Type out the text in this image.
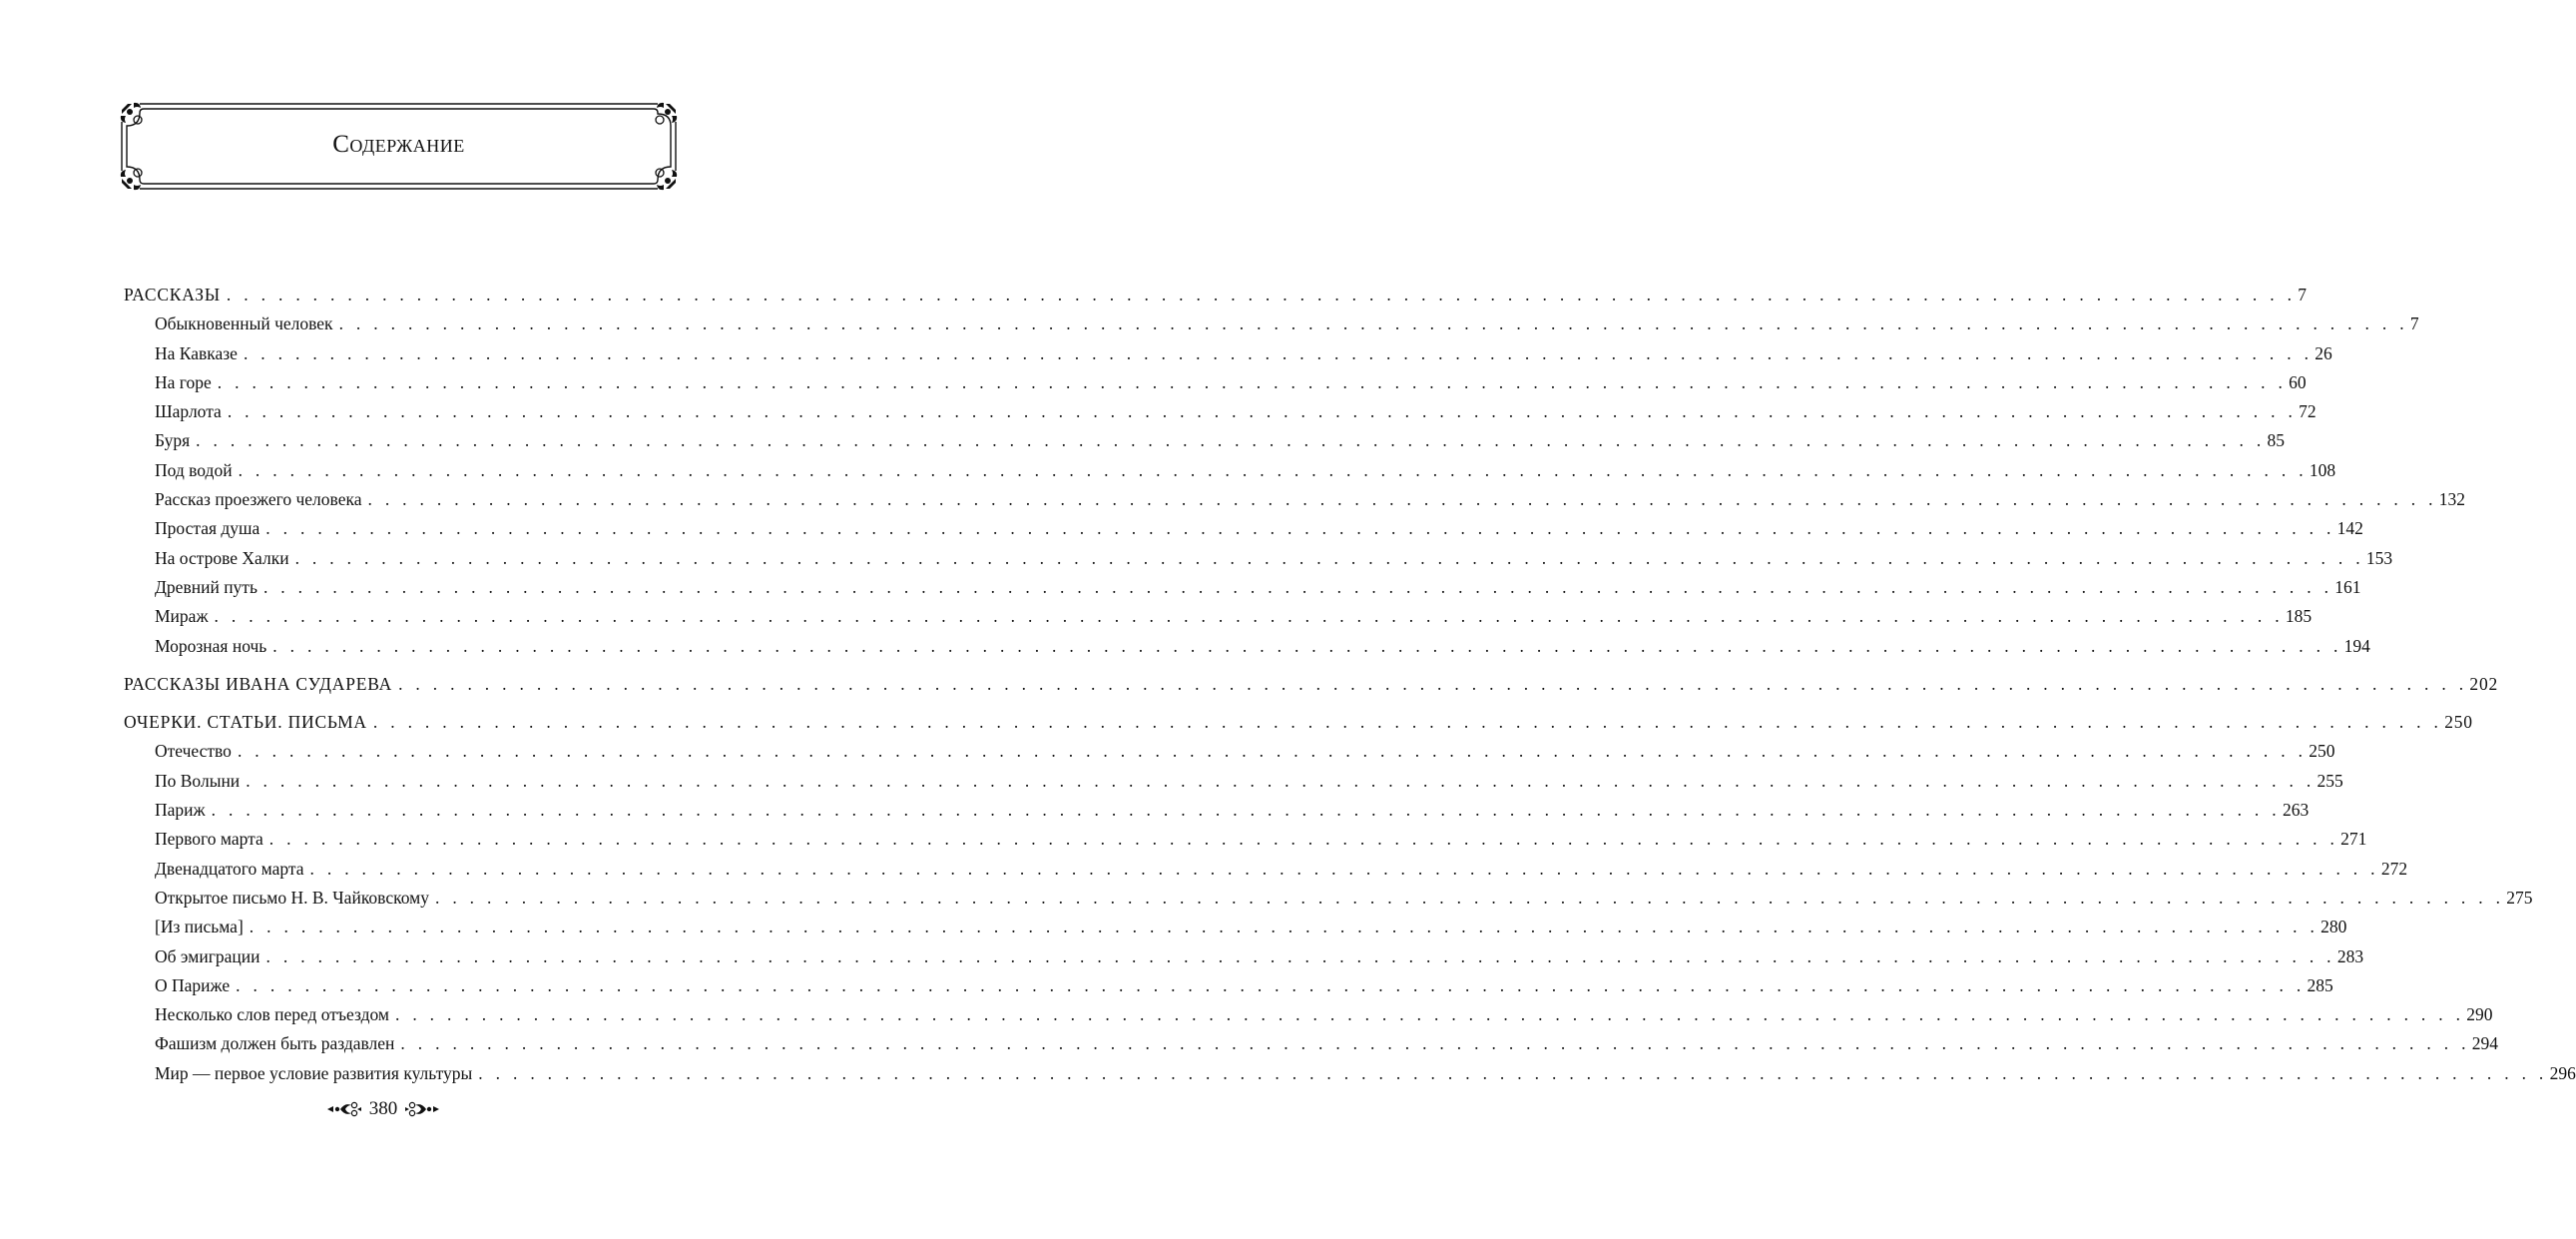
Содержание
РАССКАЗЫ . . . . . . . . . . . . . . . . . . . . . . . . . . . . . . . . . . . . . . . . . . . . . . . . . . . . . . . . . . . . . . . . . . . . . . . . . . . . . . . . . . . . . . . . . . . . . . . . . . . . . . . . . . . . . . . . . . . . . . . . 7
Обыкновенный человек . . . . . . . . . . . . . . . . . . . . . . . . . . . . . . . . . . . . . . . . . . . . . . . . . . . . . . . . . . . . . . . . . . . . . . . . . . . . . . . . . . . . . . . . . . . . . . . . . . . . . . . . . . . . . . . . . . . . . . . . 7
На Кавказе . . . . . . . . . . . . . . . . . . . . . . . . . . . . . . . . . . . . . . . . . . . . . . . . . . . . . . . . . . . . . . . . . . . . . . . . . . . . . . . . . . . . . . . . . . . . . . . . . . . . . . . . . . . . . . . . . . . . . . . . 26
На горе . . . . . . . . . . . . . . . . . . . . . . . . . . . . . . . . . . . . . . . . . . . . . . . . . . . . . . . . . . . . . . . . . . . . . . . . . . . . . . . . . . . . . . . . . . . . . . . . . . . . . . . . . . . . . . . . . . . . . . . . 60
Шарлота . . . . . . . . . . . . . . . . . . . . . . . . . . . . . . . . . . . . . . . . . . . . . . . . . . . . . . . . . . . . . . . . . . . . . . . . . . . . . . . . . . . . . . . . . . . . . . . . . . . . . . . . . . . . . . . . . . . . . . . . 72
Буря . . . . . . . . . . . . . . . . . . . . . . . . . . . . . . . . . . . . . . . . . . . . . . . . . . . . . . . . . . . . . . . . . . . . . . . . . . . . . . . . . . . . . . . . . . . . . . . . . . . . . . . . . . . . . . . . . . . . . . . . 85
Под водой . . . . . . . . . . . . . . . . . . . . . . . . . . . . . . . . . . . . . . . . . . . . . . . . . . . . . . . . . . . . . . . . . . . . . . . . . . . . . . . . . . . . . . . . . . . . . . . . . . . . . . . . . . . . . . . . . . . . . . . . 108
Рассказ проезжего человека . . . . . . . . . . . . . . . . . . . . . . . . . . . . . . . . . . . . . . . . . . . . . . . . . . . . . . . . . . . . . . . . . . . . . . . . . . . . . . . . . . . . . . . . . . . . . . . . . . . . . . . . . . . . . . . . . . . . . . . . 132
Простая душа . . . . . . . . . . . . . . . . . . . . . . . . . . . . . . . . . . . . . . . . . . . . . . . . . . . . . . . . . . . . . . . . . . . . . . . . . . . . . . . . . . . . . . . . . . . . . . . . . . . . . . . . . . . . . . . . . . . . . . . . 142
На острове Халки . . . . . . . . . . . . . . . . . . . . . . . . . . . . . . . . . . . . . . . . . . . . . . . . . . . . . . . . . . . . . . . . . . . . . . . . . . . . . . . . . . . . . . . . . . . . . . . . . . . . . . . . . . . . . . . . . . . . . . . . 153
Древний путь . . . . . . . . . . . . . . . . . . . . . . . . . . . . . . . . . . . . . . . . . . . . . . . . . . . . . . . . . . . . . . . . . . . . . . . . . . . . . . . . . . . . . . . . . . . . . . . . . . . . . . . . . . . . . . . . . . . . . . . . 161
Мираж . . . . . . . . . . . . . . . . . . . . . . . . . . . . . . . . . . . . . . . . . . . . . . . . . . . . . . . . . . . . . . . . . . . . . . . . . . . . . . . . . . . . . . . . . . . . . . . . . . . . . . . . . . . . . . . . . . . . . . . . 185
Морозная ночь . . . . . . . . . . . . . . . . . . . . . . . . . . . . . . . . . . . . . . . . . . . . . . . . . . . . . . . . . . . . . . . . . . . . . . . . . . . . . . . . . . . . . . . . . . . . . . . . . . . . . . . . . . . . . . . . . . . . . . . . 194
РАССКАЗЫ ИВАНА СУДАРЕВА . . . . . . . . . . . . . . . . . . . . . . . . . . . . . . . . . . . . . . . . . . . . . . . . . . . . . . . . . . . . . . . . . . . . . . . . . . . . . . . . . . . . . . . . . . . . . . . . . . . . . . . . . . . . . . . . . . . . . . . . 202
ОЧЕРКИ. СТАТЬИ. ПИСЬМА . . . . . . . . . . . . . . . . . . . . . . . . . . . . . . . . . . . . . . . . . . . . . . . . . . . . . . . . . . . . . . . . . . . . . . . . . . . . . . . . . . . . . . . . . . . . . . . . . . . . . . . . . . . . . . . . . . . . . . . . 250
Отечество . . . . . . . . . . . . . . . . . . . . . . . . . . . . . . . . . . . . . . . . . . . . . . . . . . . . . . . . . . . . . . . . . . . . . . . . . . . . . . . . . . . . . . . . . . . . . . . . . . . . . . . . . . . . . . . . . . . . . . . . 250
По Волыни . . . . . . . . . . . . . . . . . . . . . . . . . . . . . . . . . . . . . . . . . . . . . . . . . . . . . . . . . . . . . . . . . . . . . . . . . . . . . . . . . . . . . . . . . . . . . . . . . . . . . . . . . . . . . . . . . . . . . . . . 255
Париж . . . . . . . . . . . . . . . . . . . . . . . . . . . . . . . . . . . . . . . . . . . . . . . . . . . . . . . . . . . . . . . . . . . . . . . . . . . . . . . . . . . . . . . . . . . . . . . . . . . . . . . . . . . . . . . . . . . . . . . . 263
Первого марта . . . . . . . . . . . . . . . . . . . . . . . . . . . . . . . . . . . . . . . . . . . . . . . . . . . . . . . . . . . . . . . . . . . . . . . . . . . . . . . . . . . . . . . . . . . . . . . . . . . . . . . . . . . . . . . . . . . . . . . . 271
Двенадцатого марта . . . . . . . . . . . . . . . . . . . . . . . . . . . . . . . . . . . . . . . . . . . . . . . . . . . . . . . . . . . . . . . . . . . . . . . . . . . . . . . . . . . . . . . . . . . . . . . . . . . . . . . . . . . . . . . . . . . . . . . . 272
Открытое письмо Н. В. Чайковскому . . . . . . . . . . . . . . . . . . . . . . . . . . . . . . . . . . . . . . . . . . . . . . . . . . . . . . . . . . . . . . . . . . . . . . . . . . . . . . . . . . . . . . . . . . . . . . . . . . . . . . . . . . . . . . . . . . . . . . . . 275
[Из письма] . . . . . . . . . . . . . . . . . . . . . . . . . . . . . . . . . . . . . . . . . . . . . . . . . . . . . . . . . . . . . . . . . . . . . . . . . . . . . . . . . . . . . . . . . . . . . . . . . . . . . . . . . . . . . . . . . . . . . . . . 280
Об эмиграции . . . . . . . . . . . . . . . . . . . . . . . . . . . . . . . . . . . . . . . . . . . . . . . . . . . . . . . . . . . . . . . . . . . . . . . . . . . . . . . . . . . . . . . . . . . . . . . . . . . . . . . . . . . . . . . . . . . . . . . . 283
О Париже . . . . . . . . . . . . . . . . . . . . . . . . . . . . . . . . . . . . . . . . . . . . . . . . . . . . . . . . . . . . . . . . . . . . . . . . . . . . . . . . . . . . . . . . . . . . . . . . . . . . . . . . . . . . . . . . . . . . . . . . 285
Несколько слов перед отъездом . . . . . . . . . . . . . . . . . . . . . . . . . . . . . . . . . . . . . . . . . . . . . . . . . . . . . . . . . . . . . . . . . . . . . . . . . . . . . . . . . . . . . . . . . . . . . . . . . . . . . . . . . . . . . . . . . . . . . . . . 290
Фашизм должен быть раздавлен . . . . . . . . . . . . . . . . . . . . . . . . . . . . . . . . . . . . . . . . . . . . . . . . . . . . . . . . . . . . . . . . . . . . . . . . . . . . . . . . . . . . . . . . . . . . . . . . . . . . . . . . . . . . . . . . . . . . . . . . 294
Мир — первое условие развития культуры . . . . . . . . . . . . . . . . . . . . . . . . . . . . . . . . . . . . . . . . . . . . . . . . . . . . . . . . . . . . . . . . . . . . . . . . . . . . . . . . . . . . . . . . . . . . . . . . . . . . . . . . . . . . . . . . . . . . . . . . 296
380
